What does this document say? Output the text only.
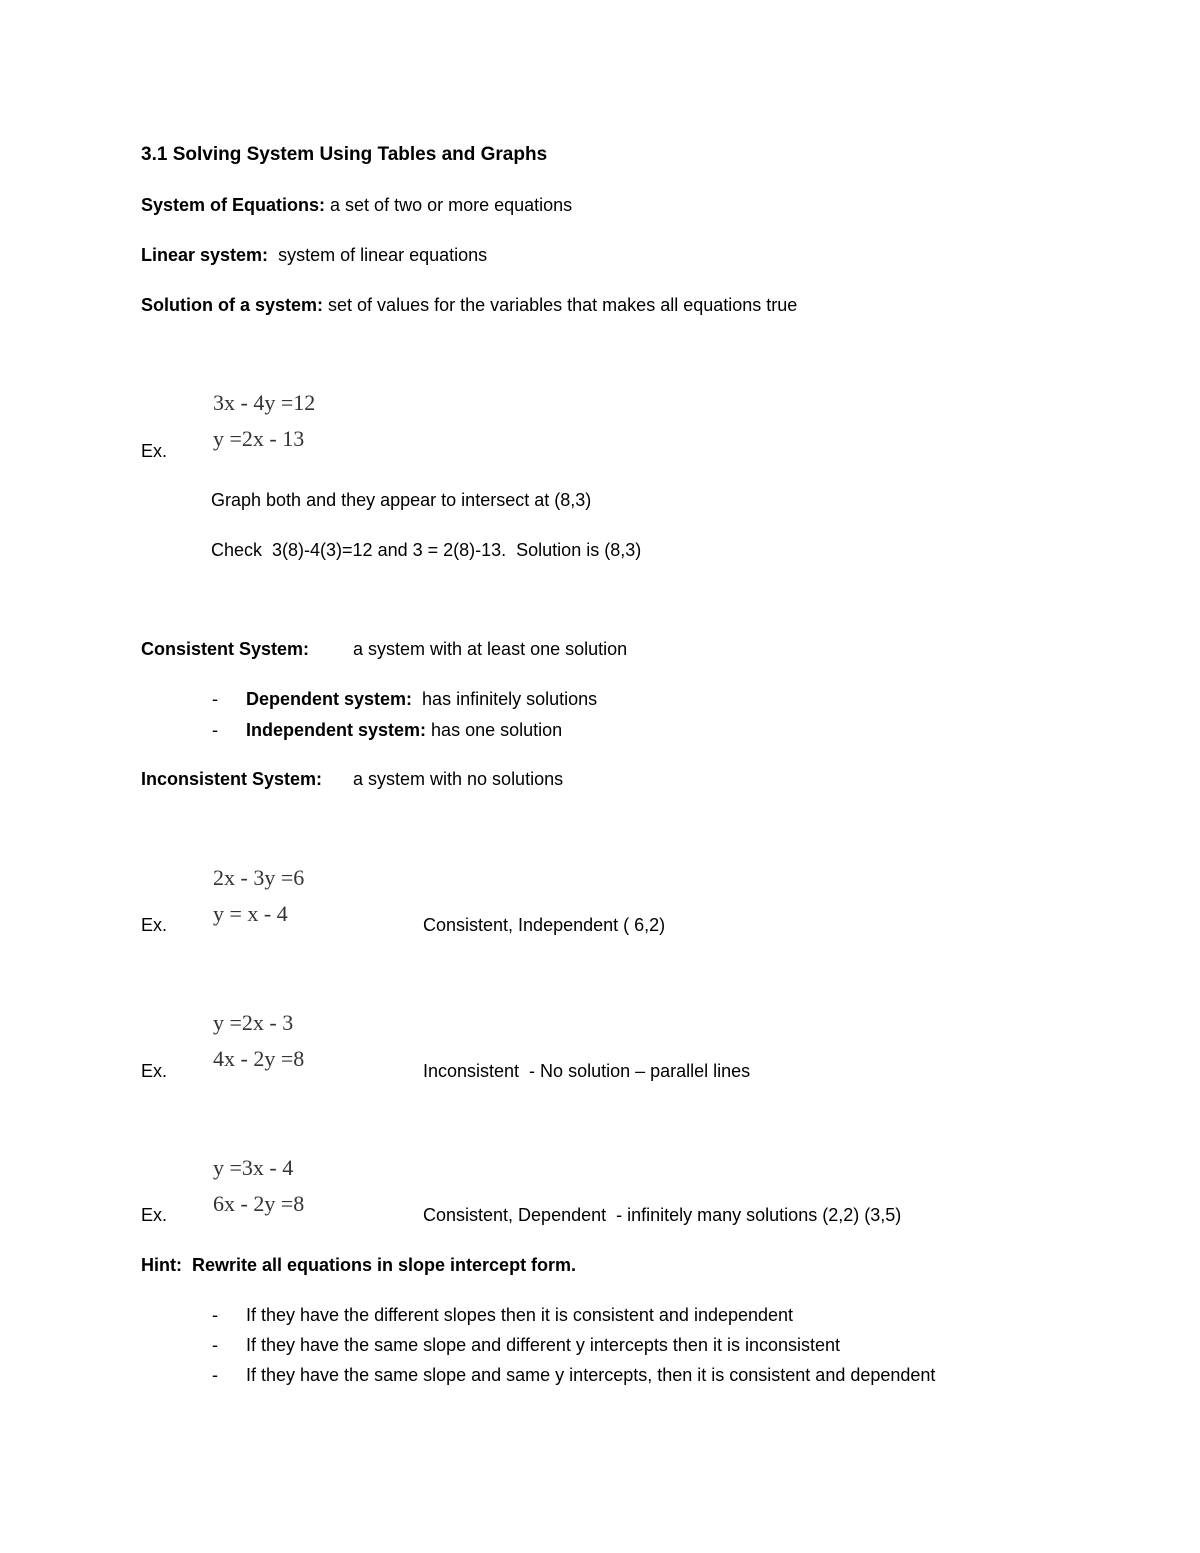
3.1 Solving System Using Tables and Graphs
System of Equations: a set of two or more equations
Linear system:  system of linear equations
Solution of a system: set of values for the variables that makes all equations true
3x - 4y =12
y =2x - 13
Ex.
Graph both and they appear to intersect at (8,3)
Check  3(8)-4(3)=12 and 3 = 2(8)-13.  Solution is (8,3)
Consistent System: a system with at least one solution
- Dependent system:  has infinitely solutions
- Independent system: has one solution
Inconsistent System: a system with no solutions
2x - 3y =6
y = x - 4
Ex.	Consistent, Independent ( 6,2)
y =2x - 3
4x - 2y =8
Ex.	Inconsistent  - No solution – parallel lines
y =3x - 4
6x - 2y =8
Ex.	Consistent, Dependent  - infinitely many solutions (2,2) (3,5)
Hint:  Rewrite all equations in slope intercept form.
- If they have the different slopes then it is consistent and independent
- If they have the same slope and different y intercepts then it is inconsistent
- If they have the same slope and same y intercepts, then it is consistent and dependent
